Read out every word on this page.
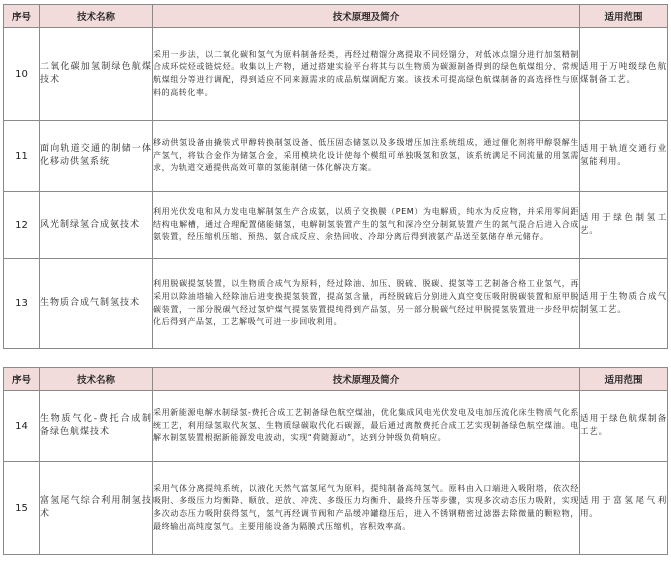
序号	技术名称	技术原理及简介	适用范围
10	二氧化碳加氢制绿色航煤技术	采用一步法，以二氧化碳和氢气为原料制备烃类，再经过精馏分离提取不同烃馏分，对低冰点馏分进行加氢精制合成环烷烃或链烷烃。收集以上产物，通过搭建实验平台将其与以生物质为碳源制备得到的绿色航煤组分、常规航煤组分等进行调配，得到适应不同来源需求的成品航煤调配方案。该技术可提高绿色航煤制备的高选择性与原料的高转化率。	适用于万吨级绿色航煤制备工艺。
11	面向轨道交通的制储一体化移动供氢系统	移动供氢设备由撬装式甲醇转换制氢设备、低压固态储氢以及多级增压加注系统组成，通过催化剂将甲醇裂解生产氢气，将钛合金作为储氢合金，采用模块化设计使每个模组可单独吸氢和放氢，该系统满足不同流量的用氢需求，为轨道交通提供高效可靠的氢能制储一体化解决方案。	适用于轨道交通行业氢能利用。
12	风光制绿氢合成氨技术	利用光伏发电和风力发电电解制氢生产合成氨，以质子交换膜（PEM）为电解质，纯水为反应物，并采用零间距结构电解槽，通过合理配置储能储氢，电解制氢装置产生的氢气和深冷空分制氮装置产生的氮气混合后进入合成氨装置，经压缩机压缩、预热、氨合成反应、余热回收、冷却分离后得到液氨产品送至氨储存单元储存。	适用于绿色制氢工艺。
13	生物质合成气制氢技术	利用脱碳提氢装置，以生物质合成气为原料，经过除油、加压、脱硫、脱碳、提氢等工艺制备合格工业氢气，再采用以除油塔输入经除油后进变换提氢装置，提高氢含量，再经脱硫后分别进入真空变压吸附脱碳装置和原甲脱碳装置，一部分脱碳气经过氢炉煤气提氢装置提纯得到产品氢，另一部分脱碳气经过甲脱提氢装置进一步经甲烷化后得到产品氢，工艺解吸气可进一步回收利用。	适用于生物质合成气制氢工艺。
序号	技术名称	技术原理及简介	适用范围
14	生物质气化-费托合成制备绿色航煤技术	采用新能源电解水制绿氢-费托合成工艺制备绿色航空煤油，优化集成风电光伏发电及电加压流化床生物质气化系统工艺，利用绿氢取代灰氢、生物质绿碳取代化石碳源，最后通过离散费托合成工艺实现制备绿色航空煤油。电解水制氢装置根据新能源发电波动，实现“荷随源动”，达到分钟级负荷响应。	适用于绿色航煤制备工艺。
15	富氢尾气综合利用制氢技术	采用气体分离提纯系统，以液化天然气富氢尾气为原料，提纯制备高纯氢气。原料由入口端进入吸附塔，依次经吸附、多级压力均衡降、顺放、逆放、冲洗、多级压力均衡升、最终升压等步骤，实现多次动态压力吸附，实现多次动态压力吸附获得氢气，氢气再经调节阀和产品缓冲罐稳压后，进入不锈钢精密过滤器去除微量的颗粒物，最终输出高纯度氢气。主要用能设备为隔膜式压缩机，容积效率高。	适用于富氢尾气利用。
